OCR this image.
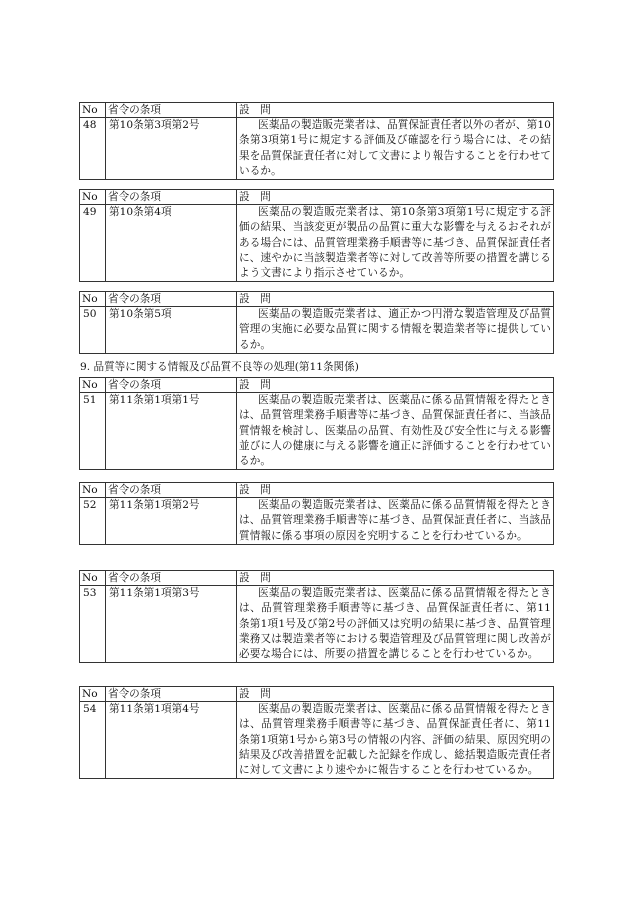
No	省令の条項	設　問
48	第10条第3項第2号	医薬品の製造販売業者は、品質保証責任者以外の者が、第10条第3項第1号に規定する評価及び確認を行う場合には、その結果を品質保証責任者に対して文書により報告することを行わせているか。
No	省令の条項	設　問
49	第10条第4項	医薬品の製造販売業者は、第10条第3項第1号に規定する評価の結果、当該変更が製品の品質に重大な影響を与えるおそれがある場合には、品質管理業務手順書等に基づき、品質保証責任者に、速やかに当該製造業者等に対して改善等所要の措置を講じるよう文書により指示させているか。
No	省令の条項	設　問
50	第10条第5項	医薬品の製造販売業者は、適正かつ円滑な製造管理及び品質管理の実施に必要な品質に関する情報を製造業者等に提供しているか。
9. 品質等に関する情報及び品質不良等の処理(第11条関係)
No	省令の条項	設　問
51	第11条第1項第1号	医薬品の製造販売業者は、医薬品に係る品質情報を得たときは、品質管理業務手順書等に基づき、品質保証責任者に、当該品質情報を検討し、医薬品の品質、有効性及び安全性に与える影響並びに人の健康に与える影響を適正に評価することを行わせているか。
No	省令の条項	設　問
52	第11条第1項第2号	医薬品の製造販売業者は、医薬品に係る品質情報を得たときは、品質管理業務手順書等に基づき、品質保証責任者に、当該品質情報に係る事項の原因を究明することを行わせているか。
No	省令の条項	設　問
53	第11条第1項第3号	医薬品の製造販売業者は、医薬品に係る品質情報を得たときは、品質管理業務手順書等に基づき、品質保証責任者に、第11条第1項1号及び第2号の評価又は究明の結果に基づき、品質管理業務又は製造業者等における製造管理及び品質管理に関し改善が必要な場合には、所要の措置を講じることを行わせているか。
No	省令の条項	設　問
54	第11条第1項第4号	医薬品の製造販売業者は、医薬品に係る品質情報を得たときは、品質管理業務手順書等に基づき、品質保証責任者に、第11条第1項第1号から第3号の情報の内容、評価の結果、原因究明の結果及び改善措置を記載した記録を作成し、総括製造販売責任者に対して文書により速やかに報告することを行わせているか。
